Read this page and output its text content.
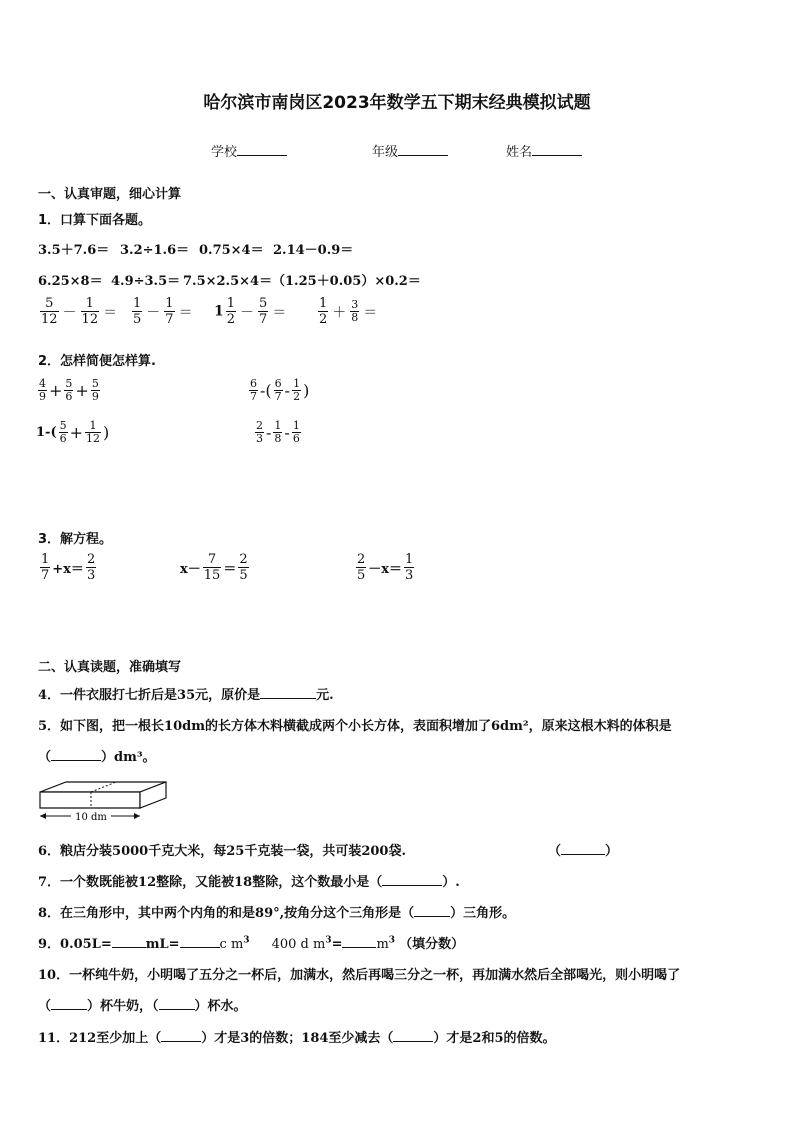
哈尔滨市南岗区2023年数学五下期末经典模拟试题
学校	年级	姓名
一、认真审题，细心计算
1．口算下面各题。
3.5＋7.6＝ 3.2÷1.6＝ 0.75×4＝ 2.14－0.9＝
6.25×8＝ 4.9÷3.5＝ 7.5×2.5×4＝ （1.25＋0.05）×0.2＝
$\frac{5}{12} - \frac{1}{12} = \frac{1}{5} - \frac{1}{7} = 1 \frac{1}{2} - \frac{5}{7} = \frac{1}{2} + \frac{3}{8}$ ＝
2．怎样简便怎样算.
$\frac{4}{9} + \frac{5}{6} + \frac{5}{9}$	$\frac{6}{7}$ -( $\frac{6}{7} - \frac{1}{2}$ )
$1-( \frac{5}{6} + \frac{1}{12}$ )	$\frac{2}{3} - \frac{1}{8} - \frac{1}{6}$
3．解方程。
$\frac{1}{7} +x= \frac{2}{3}$	$x- \frac{7}{15} = \frac{2}{5}$	$\frac{2}{5} -x= \frac{1}{3}$
二、认真读题，准确填写
4．一件衣服打七折后是35元，原价是	元.
5．如下图，把一根长10dm的长方体木料横截成两个小长方体，表面积增加了6dm²，原来这根木料的体积是
（	）dm³。
10 dm
6．粮店分装5000千克大米，每25千克装一袋，共可装200袋.	（	）
7．一个数既能被12整除，又能被18整除，这个数最小是（	）.
8．在三角形中，其中两个内角的和是89°,按角分这个三角形是（	）三角形。
9．0.05L=	mL=	c $m^3$ 400 d $m^3=$	$m^3$ （填分数）
10．一杯纯牛奶，小明喝了五分之一杯后，加满水，然后再喝三分之一杯，再加满水然后全部喝光，则小明喝了
（	）杯牛奶，（	）杯水。
11．212至少加上（	）才是3的倍数；184至少减去（	）才是2和5的倍数。
